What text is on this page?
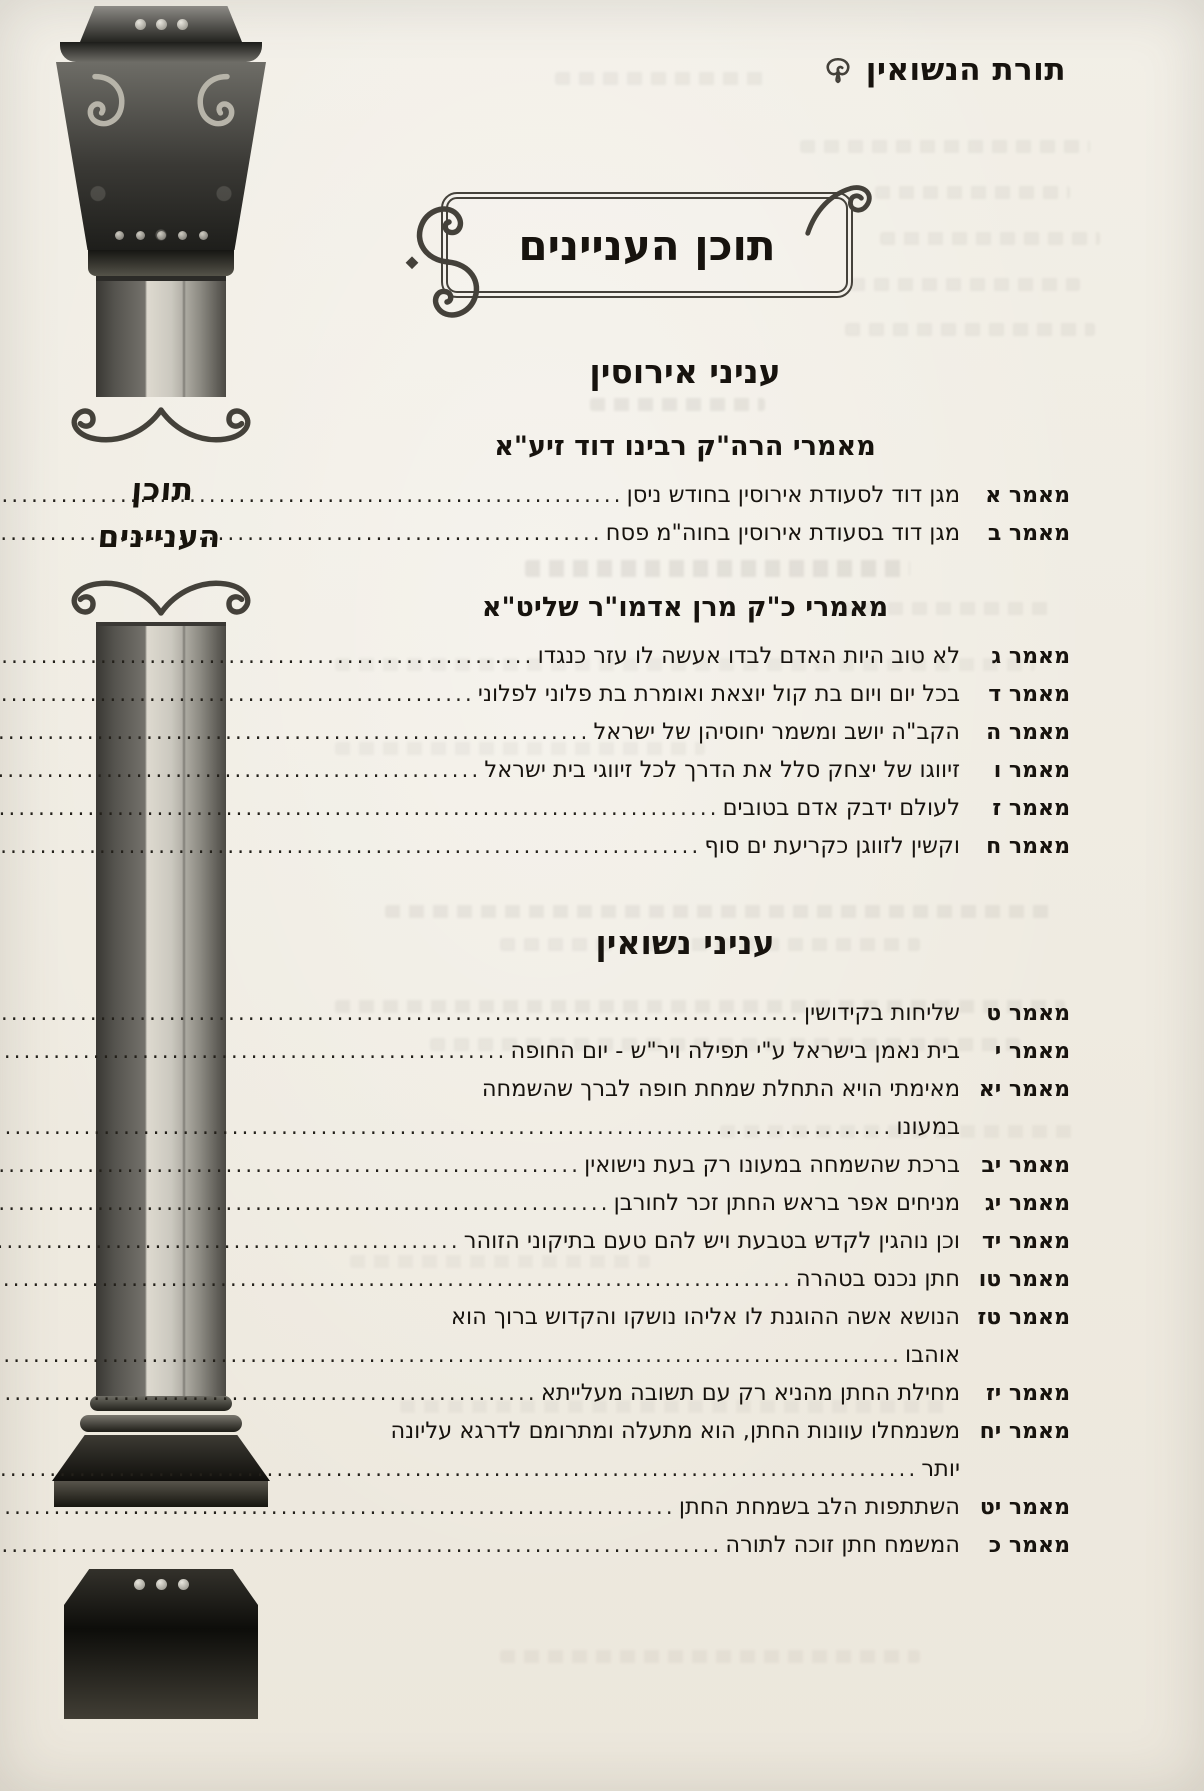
תוכן
העניינים
תורת הנשואין
תוכן העניינים
עניני אירוסין
מאמרי הרה"ק רבינו דוד זיע"א
מאמר א
מגן דוד לסעודת אירוסין בחודש ניסן
.....
מאמר ב
מגן דוד בסעודת אירוסין בחוה"מ פסח
.....
מאמרי כ"ק מרן אדמו"ר שליט"א
מאמר ג
לא טוב היות האדם לבדו אעשה לו עזר כנגדו
.....
מאמר ד
בכל יום ויום בת קול יוצאת ואומרת בת פלוני לפלוני
.....
מאמר ה
הקב"ה יושב ומשמר יחוסיהן של ישראל
.....
מאמר ו
זיווגו של יצחק סלל את הדרך לכל זיווגי בית ישראל
.....
מאמר ז
לעולם ידבק אדם בטובים
.....
מאמר ח
וקשין לזווגן כקריעת ים סוף
.....
עניני נשואין
מאמר ט
שליחות בקידושין
.....
מאמר י
בית נאמן בישראל ע"י תפילה ויר"ש - יום החופה
.....
מאמר יא
מאימתי הויא התחלת שמחת חופה לברך שהשמחה
במעונו
.....
מאמר יב
ברכת שהשמחה במעונו רק בעת נישואין
.....
מאמר יג
מניחים אפר בראש החתן זכר לחורבן
.....
מאמר יד
וכן נוהגין לקדש בטבעת ויש להם טעם בתיקוני הזוהר
.....
מאמר טו
חתן נכנס בטהרה
.....
מאמר טז
הנושא אשה ההוגנת לו אליהו נושקו והקדוש ברוך הוא
אוהבו
.....
מאמר יז
מחילת החתן מהניא רק עם תשובה מעלייתא
.....
מאמר יח
משנמחלו עוונות החתן, הוא מתעלה ומתרומם לדרגא עליונה
יותר
.....
מאמר יט
השתתפות הלב בשמחת החתן
.....
מאמר כ
המשמח חתן זוכה לתורה
.....
